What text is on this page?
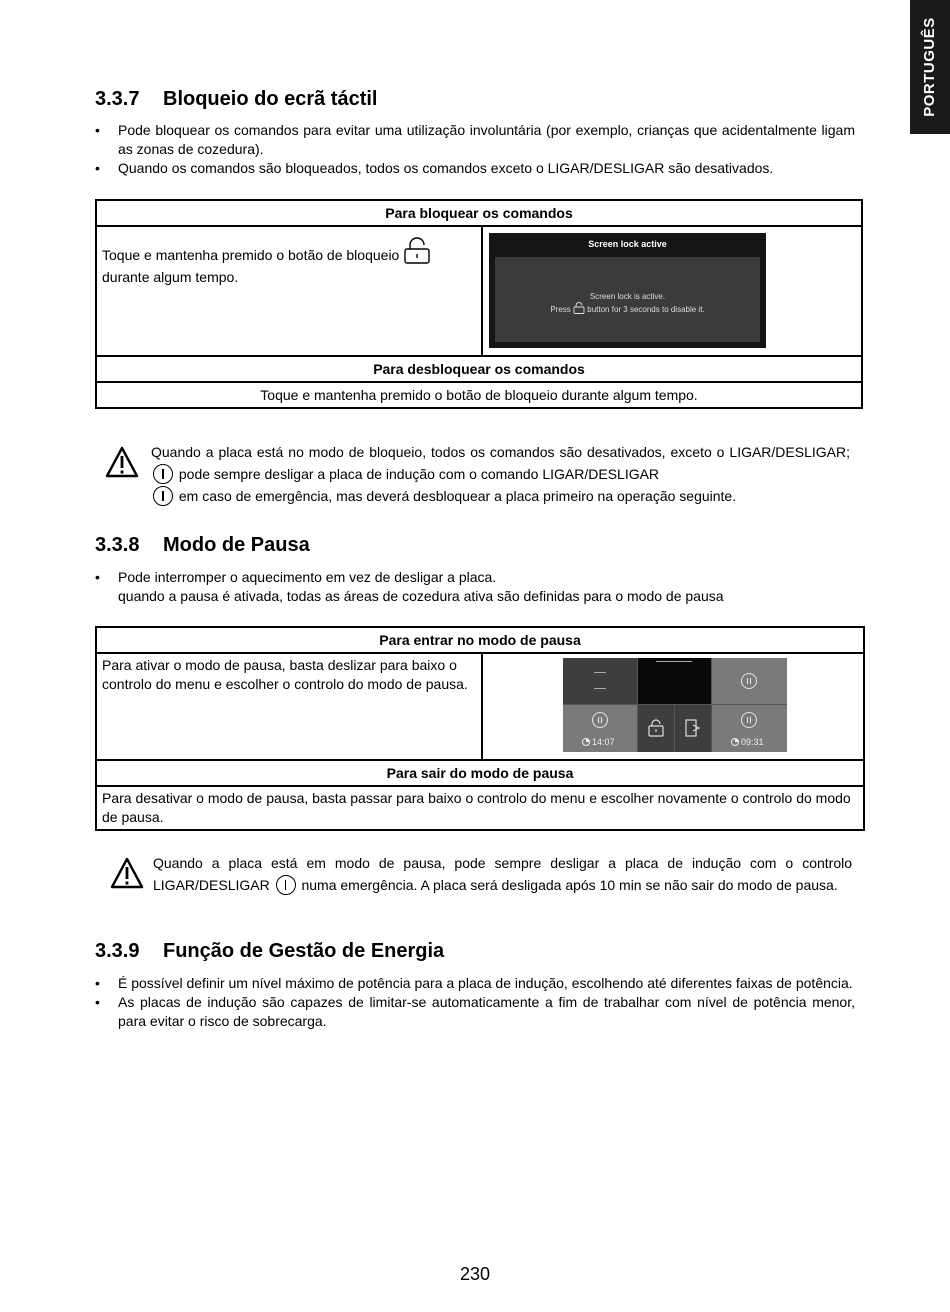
PORTUGUÊS
3.3.7 Bloqueio do ecrã táctil
• Pode bloquear os comandos para evitar uma utilização involuntária (por exemplo, crianças que acidentalmente ligam as zonas de cozedura).
• Quando os comandos são bloqueados, todos os comandos exceto o LIGAR/DESLIGAR são desativados.
Para bloquear os comandos
Toque e mantenha premido o botão de bloqueio
durante algum tempo.	
Screen lock active
Screen lock is active.
Press button for 3 seconds to disable it.

Para desbloquear os comandos
Toque e mantenha premido o botão de bloqueio durante algum tempo.
Quando a placa está no modo de bloqueio, todos os comandos são desativados, exceto o LIGAR/DESLIGAR;  pode sempre desligar a placa de indução com o comando LIGAR/DESLIGAR
em caso de emergência, mas deverá desbloquear a placa primeiro na operação seguinte.
3.3.8 Modo de Pausa
• Pode interromper o aquecimento em vez de desligar a placa.
quando a pausa é ativada, todas as áreas de cozedura ativa são definidas para o modo de pausa
Para entrar no modo de pausa
Para ativar o modo de pausa, basta deslizar para baixo o controlo do menu e escolher o controlo do modo de pausa.	
14:07	09:31

Para sair do modo de pausa
Para desativar o modo de pausa, basta passar para baixo o controlo do menu e escolher novamente o controlo do modo de pausa.
Quando a placa está em modo de pausa, pode sempre desligar a placa de indução com o controlo LIGAR/DESLIGAR numa emergência. A placa será desligada após 10 min se não sair do modo de pausa.
3.3.9 Função de Gestão de Energia
• É possível definir um nível máximo de potência para a placa de indução, escolhendo até diferentes faixas de potência.
• As placas de indução são capazes de limitar-se automaticamente a fim de trabalhar com nível de potência menor, para evitar o risco de sobrecarga.
230
